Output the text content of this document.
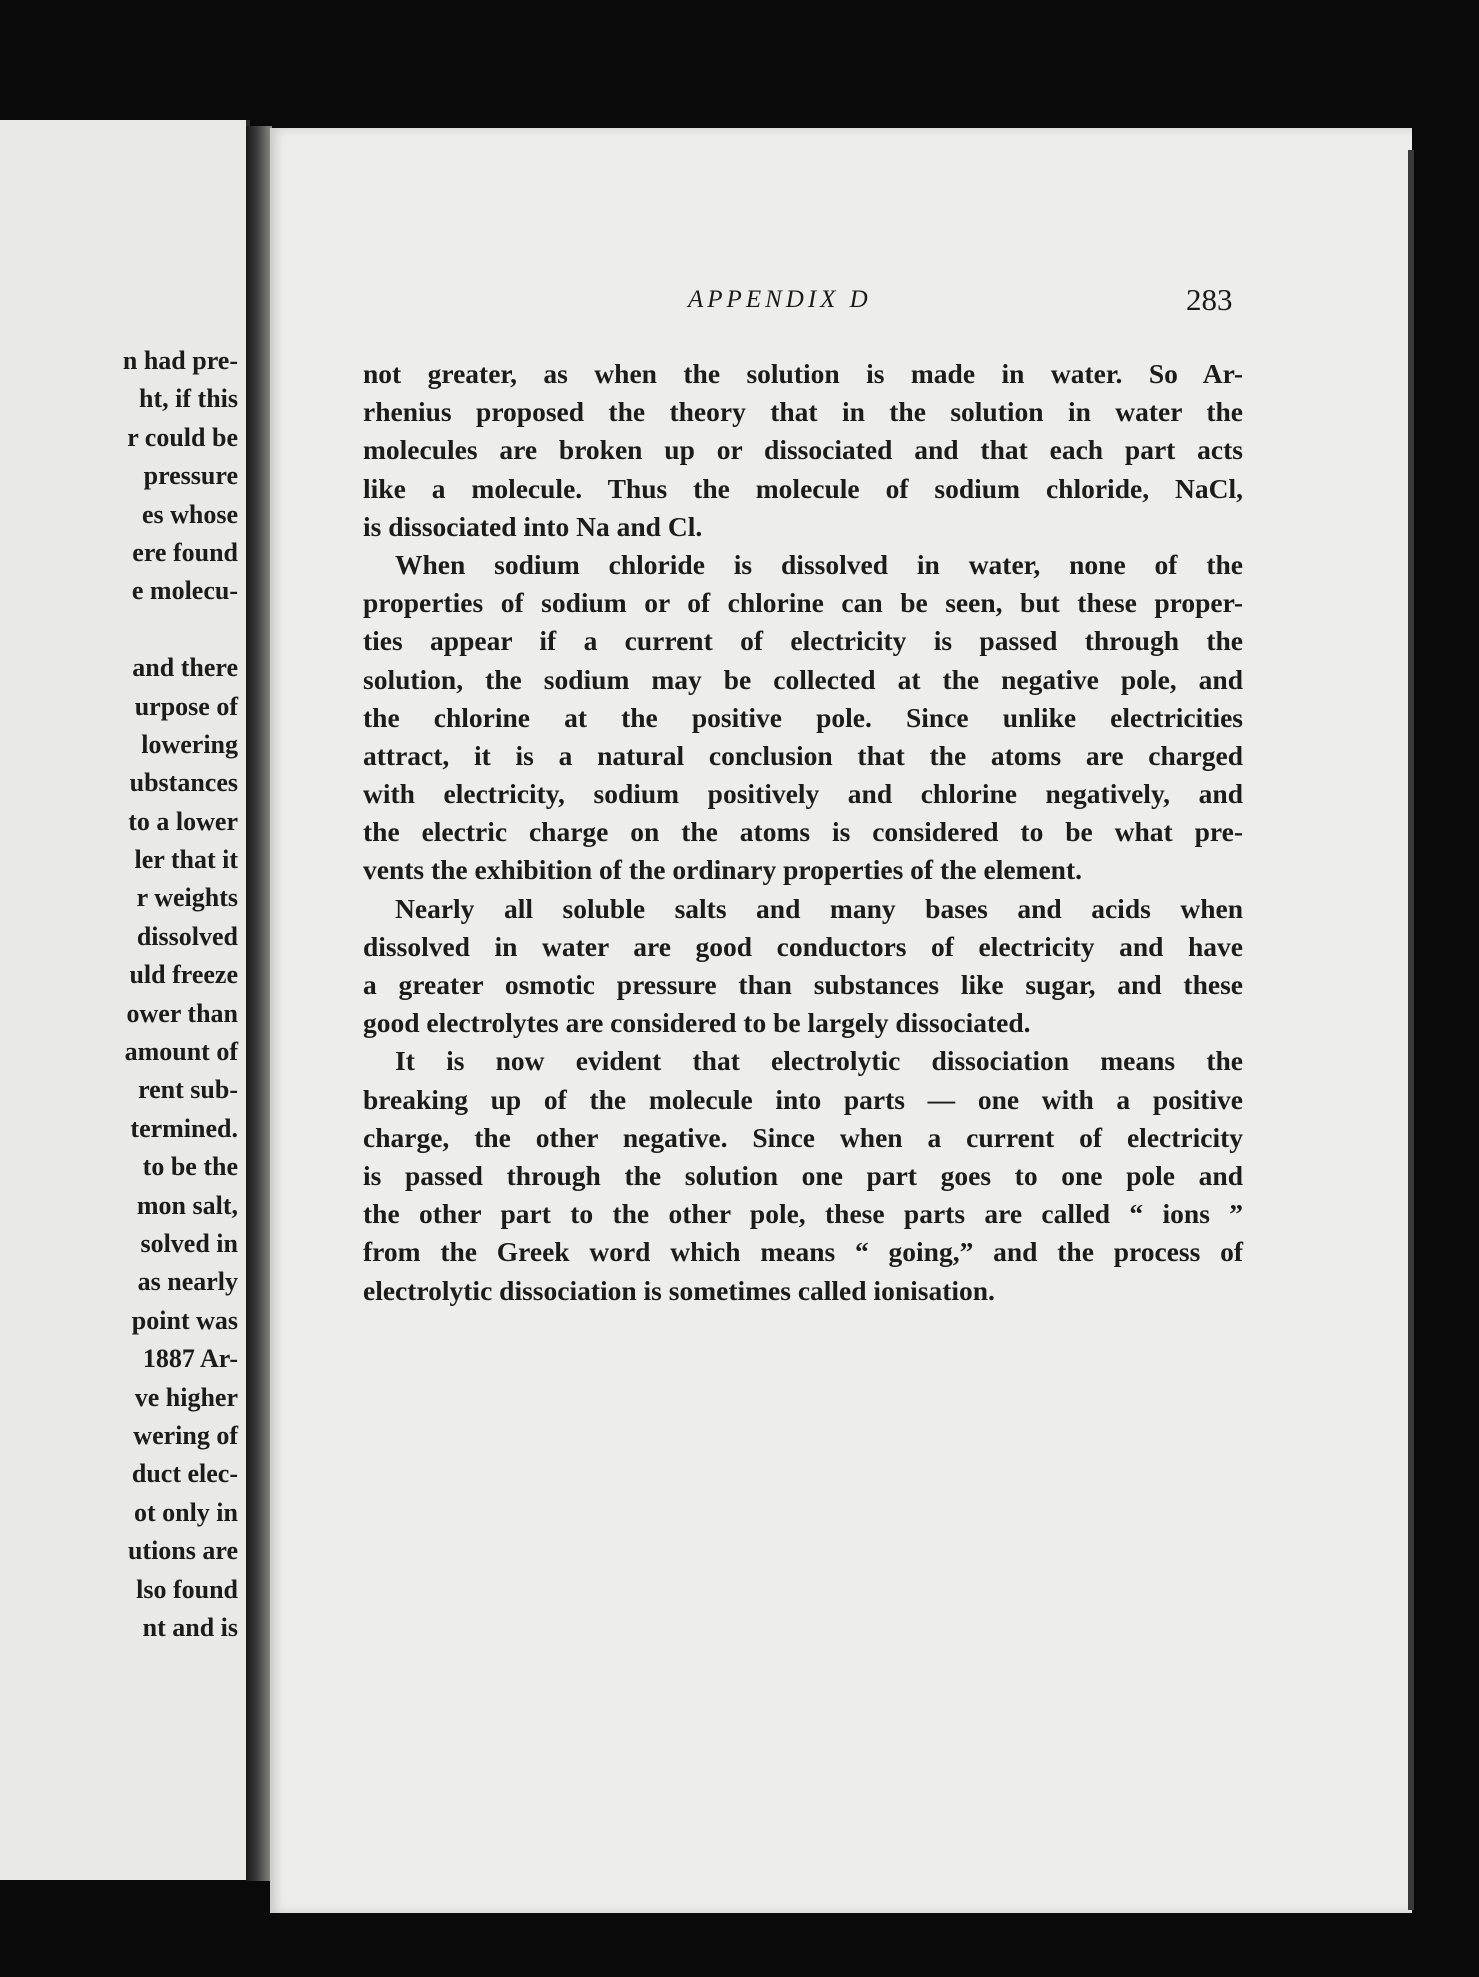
n had pre-
ht, if this
r could be
pressure
es whose
ere found
e molecu-
and there
urpose of
lowering
ubstances
to a lower
ler that it
r weights
dissolved
uld freeze
ower than
amount of
rent sub-
termined.
to be the
mon salt,
solved in
as nearly
point was
1887 Ar-
ve higher
wering of
duct elec-
ot only in
utions are
lso found
nt and is
APPENDIX D	283
not greater, as when the solution is made in water. So Ar-
rhenius proposed the theory that in the solution in water the
molecules are broken up or dissociated and that each part acts
like a molecule. Thus the molecule of sodium chloride, NaCl,
is dissociated into Na and Cl.
When sodium chloride is dissolved in water, none of the
properties of sodium or of chlorine can be seen, but these proper-
ties appear if a current of electricity is passed through the
solution, the sodium may be collected at the negative pole, and
the chlorine at the positive pole. Since unlike electricities
attract, it is a natural conclusion that the atoms are charged
with electricity, sodium positively and chlorine negatively, and
the electric charge on the atoms is considered to be what pre-
vents the exhibition of the ordinary properties of the element.
Nearly all soluble salts and many bases and acids when
dissolved in water are good conductors of electricity and have
a greater osmotic pressure than substances like sugar, and these
good electrolytes are considered to be largely dissociated.
It is now evident that electrolytic dissociation means the
breaking up of the molecule into parts — one with a positive
charge, the other negative. Since when a current of electricity
is passed through the solution one part goes to one pole and
the other part to the other pole, these parts are called “ ions ”
from the Greek word which means “ going,” and the process of
electrolytic dissociation is sometimes called ionisation.
